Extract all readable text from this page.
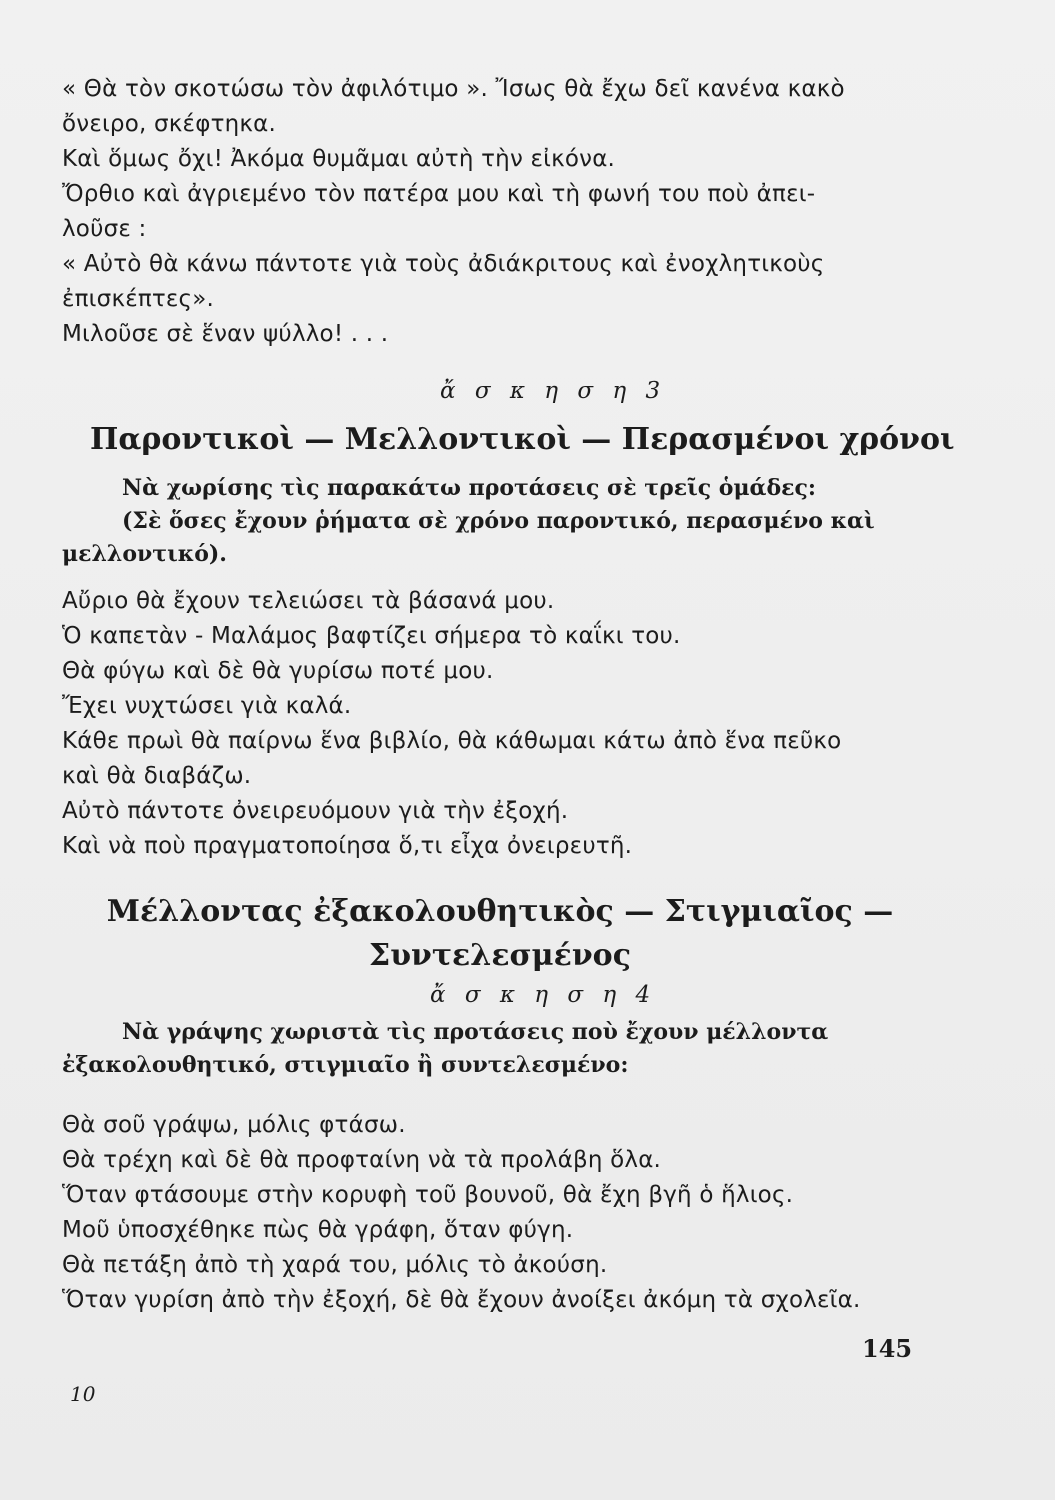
« Θὰ τὸν σκοτώσω τὸν ἀφιλότιμο ». Ἴσως θὰ ἔχω δεῖ κανένα κακὸ
ὄνειρο, σκέφτηκα.
Καὶ ὅμως ὄχι! Ἀκόμα θυμᾶμαι αὐτὴ τὴν εἰκόνα.
Ὄρθιο καὶ ἀγριεμένο τὸν πατέρα μου καὶ τὴ φωνή του ποὺ ἀπει-
λοῦσε :
« Αὐτὸ θὰ κάνω πάντοτε γιὰ τοὺς ἀδιάκριτους καὶ ἐνοχλητικοὺς
ἐπισκέπτες».
Μιλοῦσε σὲ ἕναν ψύλλο! . . .
ἄ σ κ η σ η 3
Παροντικοὶ — Μελλοντικοὶ — Περασμένοι χρόνοι
Νὰ χωρίσης τὶς παρακάτω προτάσεις σὲ τρεῖς ὁμάδες:
(Σὲ ὅσες ἔχουν ῥήματα σὲ χρόνο παροντικό, περασμένο καὶ
μελλοντικό).
Αὔριο θὰ ἔχουν τελειώσει τὰ βάσανά μου.
Ὁ καπετὰν - Μαλάμος βαφτίζει σήμερα τὸ καΐκι του.
Θὰ φύγω καὶ δὲ θὰ γυρίσω ποτέ μου.
Ἔχει νυχτώσει γιὰ καλά.
Κάθε πρωὶ θὰ παίρνω ἕνα βιβλίο, θὰ κάθωμαι κάτω ἀπὸ ἕνα πεῦκο
καὶ θὰ διαβάζω.
Αὐτὸ πάντοτε ὀνειρευόμουν γιὰ τὴν ἐξοχή.
Καὶ νὰ ποὺ πραγματοποίησα ὅ,τι εἶχα ὀνειρευτῆ.
Μέλλοντας ἐξακολουθητικὸς — Στιγμιαῖος —
Συντελεσμένος
ἄ σ κ η σ η 4
Νὰ γράψης χωριστὰ τὶς προτάσεις ποὺ ἔχουν μέλλοντα
ἐξακολουθητικό, στιγμιαῖο ἢ συντελεσμένο:
Θὰ σοῦ γράψω, μόλις φτάσω.
Θὰ τρέχη καὶ δὲ θὰ προφταίνη νὰ τὰ προλάβη ὅλα.
Ὅταν φτάσουμε στὴν κορυφὴ τοῦ βουνοῦ, θὰ ἔχη βγῆ ὁ ἥλιος.
Μοῦ ὑποσχέθηκε πὼς θὰ γράφη, ὅταν φύγη.
Θὰ πετάξη ἀπὸ τὴ χαρά του, μόλις τὸ ἀκούση.
Ὅταν γυρίση ἀπὸ τὴν ἐξοχή, δὲ θὰ ἔχουν ἀνοίξει ἀκόμη τὰ σχολεῖα.
145
10
